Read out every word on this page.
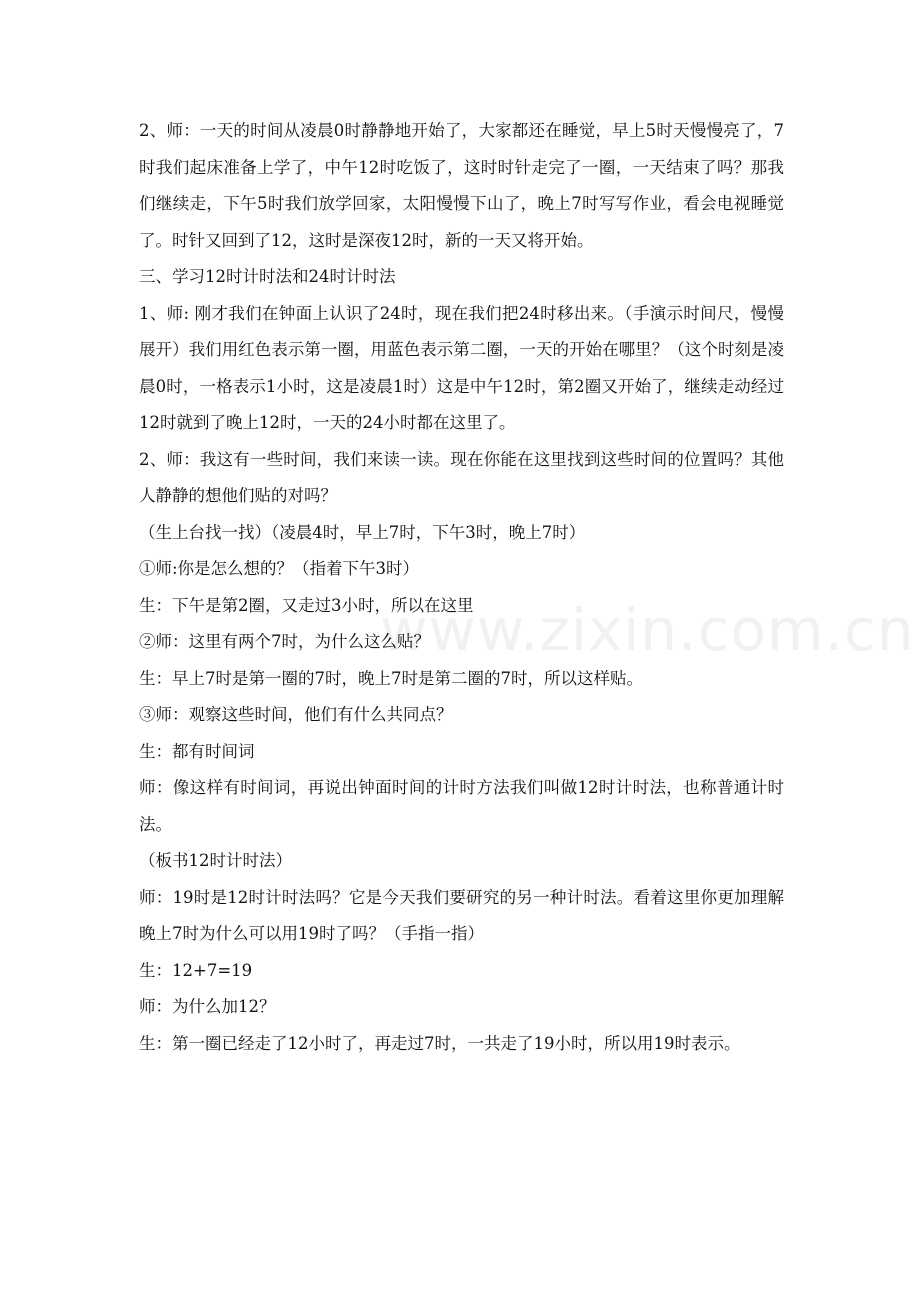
www.zixin.com.cn

2、师：一天的时间从凌晨0时静静地开始了，大家都还在睡觉，早上5时天慢慢亮了，7时我们起床准备上学了，中午12时吃饭了，这时时针走完了一圈，一天结束了吗？那我们继续走，下午5时我们放学回家，太阳慢慢下山了，晚上7时写写作业，看会电视睡觉了。时针又回到了12，这时是深夜12时，新的一天又将开始。

三、学习12时计时法和24时计时法

1、师: 刚才我们在钟面上认识了24时，现在我们把24时移出来。（手演示时间尺，慢慢展开）我们用红色表示第一圈，用蓝色表示第二圈，一天的开始在哪里？（这个时刻是凌晨0时，一格表示1小时，这是凌晨1时）这是中午12时，第2圈又开始了，继续走动经过12时就到了晚上12时，一天的24小时都在这里了。

2、师：我这有一些时间，我们来读一读。现在你能在这里找到这些时间的位置吗？其他人静静的想他们贴的对吗？

（生上台找一找）（凌晨4时，早上7时，下午3时，晚上7时）

①师:你是怎么想的？（指着下午3时）

生：下午是第2圈，又走过3小时，所以在这里

②师：这里有两个7时，为什么这么贴？

生：早上7时是第一圈的7时，晚上7时是第二圈的7时，所以这样贴。

③师：观察这些时间，他们有什么共同点？

生：都有时间词

师：像这样有时间词，再说出钟面时间的计时方法我们叫做12时计时法，也称普通计时法。

（板书12时计时法）

师：19时是12时计时法吗？它是今天我们要研究的另一种计时法。看着这里你更加理解晚上7时为什么可以用19时了吗？（手指一指）

生：12+7=19

师：为什么加12？

生：第一圈已经走了12小时了，再走过7时，一共走了19小时，所以用19时表示。
